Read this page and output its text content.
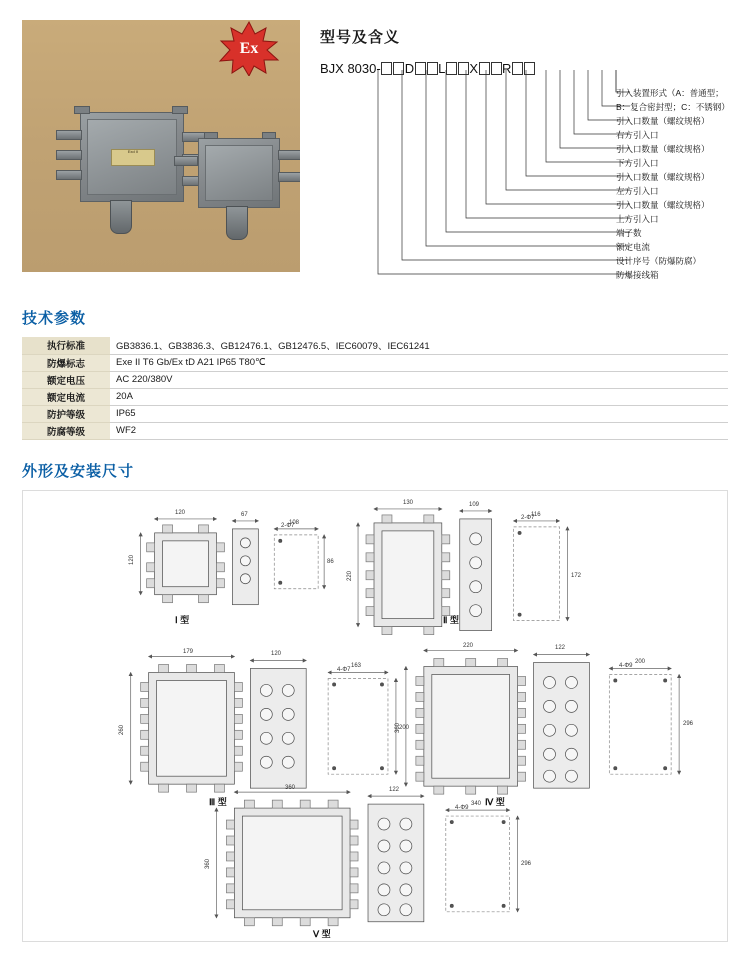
Ex
Exd II
型号及含义
BJX 8030- D L X R
引入装置形式（A：普通型；
B：复合密封型；C：不锈钢）
引入口数量（螺纹规格）
右方引入口
引入口数量（螺纹规格）
下方引入口
引入口数量（螺纹规格）
左方引入口
引入口数量（螺纹规格）
上方引入口
端子数
额定电流
设计序号（防爆防腐）
防爆接线箱
技术参数
执行标准	GB3836.1、GB3836.3、GB12476.1、GB12476.5、IEC60079、IEC61241
防爆标志	Exe II T6 Gb/Ex tD A21 IP65 T80℃
额定电压	AC 220/380V
额定电流	20A
防护等级	IP65
防腐等级	WF2
外形及安装尺寸
120
120
67
108
86
2-Φ7
Ⅰ 型
130
220
109
116
172
2-Φ7
Ⅱ 型
179
260
120
163
200
4-Φ7
Ⅲ 型
220
360
122
200
296
4-Φ9
Ⅳ 型
360
360
122
340
296
4-Φ9
Ⅴ 型
